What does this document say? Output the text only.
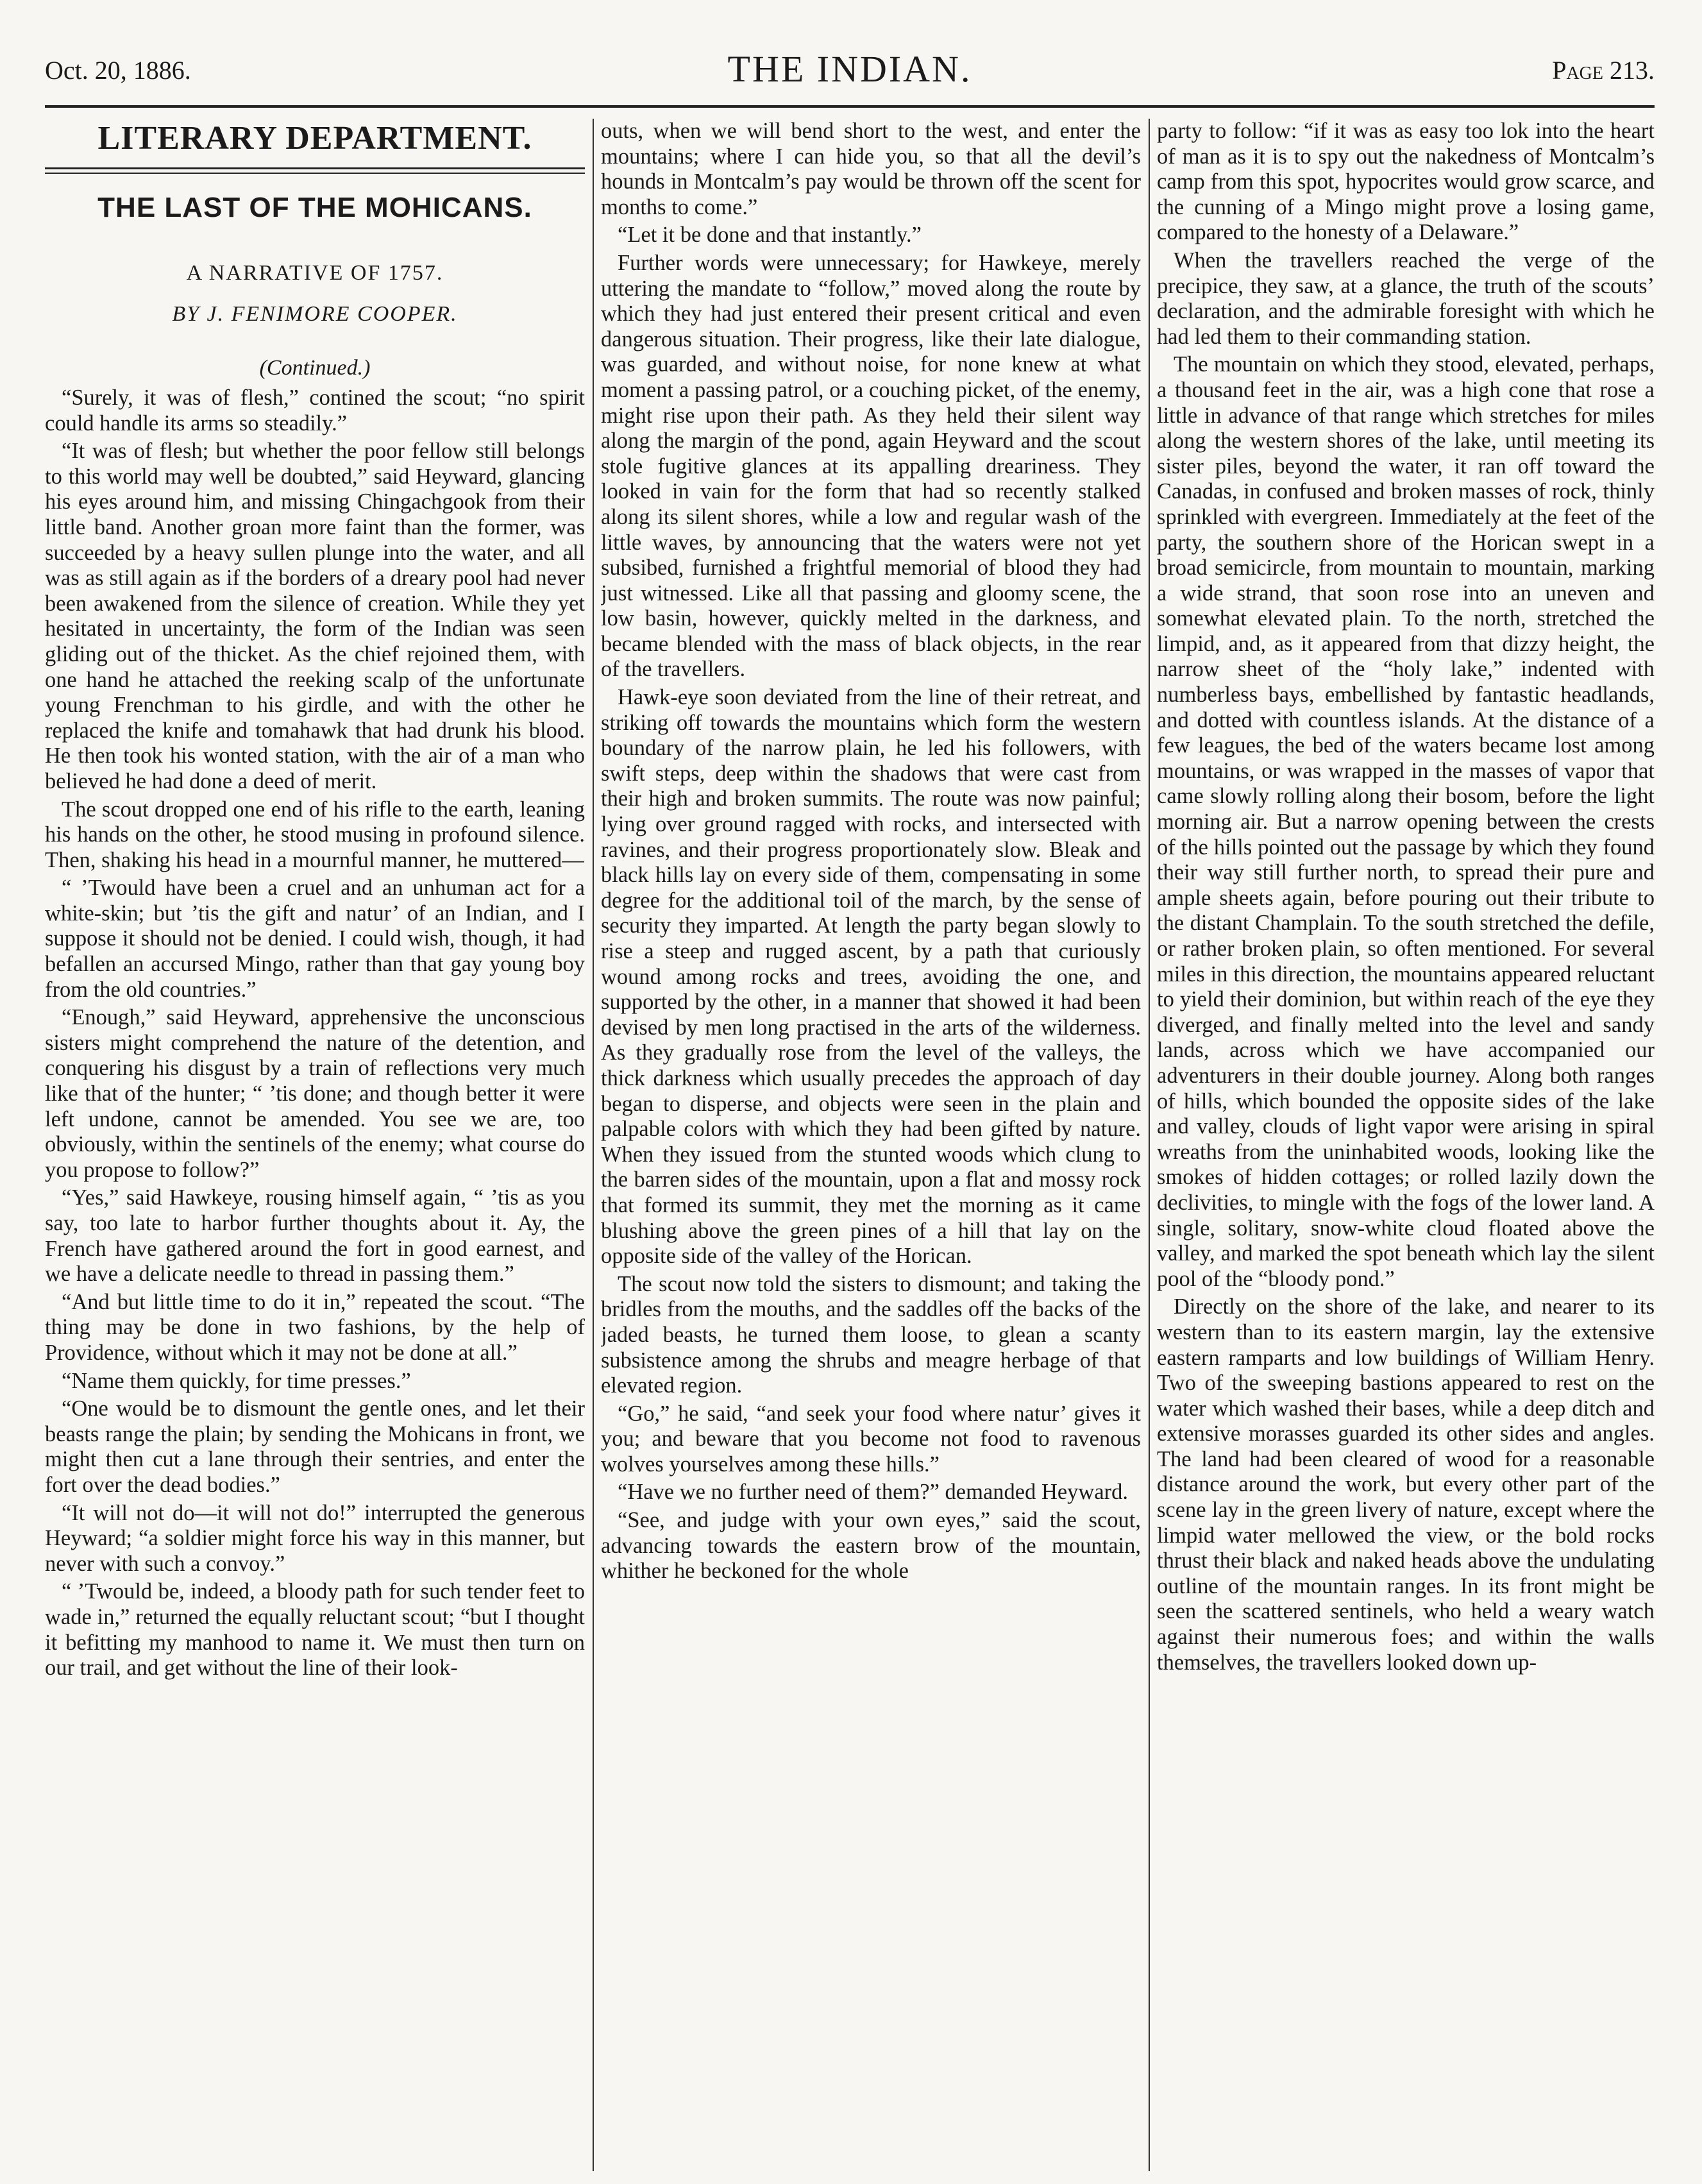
Oct. 20, 1886.	THE INDIAN.	Page 213.
LITERARY DEPARTMENT.
THE LAST OF THE MOHICANS.
A NARRATIVE OF 1757.
BY J. FENIMORE COOPER.
(Continued.)

“Surely, it was of flesh,” contined the scout; “no spirit could handle its arms so steadily.”

“It was of flesh; but whether the poor fellow still belongs to this world may well be doubted,” said Heyward, glancing his eyes around him, and missing Chingachgook from their little band. Another groan more faint than the former, was succeeded by a heavy sullen plunge into the water, and all was as still again as if the borders of a dreary pool had never been awakened from the silence of creation. While they yet hesitated in uncertainty, the form of the Indian was seen gliding out of the thicket. As the chief rejoined them, with one hand he attached the reeking scalp of the unfortunate young Frenchman to his girdle, and with the other he replaced the knife and tomahawk that had drunk his blood. He then took his wonted station, with the air of a man who believed he had done a deed of merit.

The scout dropped one end of his rifle to the earth, leaning his hands on the other, he stood musing in profound silence. Then, shaking his head in a mournful manner, he muttered—

“ ’Twould have been a cruel and an unhuman act for a white-skin; but ’tis the gift and natur’ of an Indian, and I suppose it should not be denied. I could wish, though, it had befallen an accursed Mingo, rather than that gay young boy from the old countries.”

“Enough,” said Heyward, apprehensive the unconscious sisters might comprehend the nature of the detention, and conquering his disgust by a train of reflections very much like that of the hunter; “ ’tis done; and though better it were left undone, cannot be amended. You see we are, too obviously, within the sentinels of the enemy; what course do you propose to follow?”

“Yes,” said Hawkeye, rousing himself again, “ ’tis as you say, too late to harbor further thoughts about it. Ay, the French have gathered around the fort in good earnest, and we have a delicate needle to thread in passing them.”

“And but little time to do it in,” repeated the scout. “The thing may be done in two fashions, by the help of Providence, without which it may not be done at all.”

“Name them quickly, for time presses.”

“One would be to dismount the gentle ones, and let their beasts range the plain; by sending the Mohicans in front, we might then cut a lane through their sentries, and enter the fort over the dead bodies.”

“It will not do—it will not do!” interrupted the generous Heyward; “a soldier might force his way in this manner, but never with such a convoy.”

“ ’Twould be, indeed, a bloody path for such tender feet to wade in,” returned the equally reluctant scout; “but I thought it befitting my manhood to name it. We must then turn on our trail, and get without the line of their look-

outs, when we will bend short to the west, and enter the mountains; where I can hide you, so that all the devil’s hounds in Montcalm’s pay would be thrown off the scent for months to come.”

“Let it be done and that instantly.”

Further words were unnecessary; for Hawkeye, merely uttering the mandate to “follow,” moved along the route by which they had just entered their present critical and even dangerous situation. Their progress, like their late dialogue, was guarded, and without noise, for none knew at what moment a passing patrol, or a couching picket, of the enemy, might rise upon their path. As they held their silent way along the margin of the pond, again Heyward and the scout stole fugitive glances at its appalling dreariness. They looked in vain for the form that had so recently stalked along its silent shores, while a low and regular wash of the little waves, by announcing that the waters were not yet subsibed, furnished a frightful memorial of blood they had just witnessed. Like all that passing and gloomy scene, the low basin, however, quickly melted in the darkness, and became blended with the mass of black objects, in the rear of the travellers.

Hawk-eye soon deviated from the line of their retreat, and striking off towards the mountains which form the western boundary of the narrow plain, he led his followers, with swift steps, deep within the shadows that were cast from their high and broken summits. The route was now painful; lying over ground ragged with rocks, and intersected with ravines, and their progress proportionately slow. Bleak and black hills lay on every side of them, compensating in some degree for the additional toil of the march, by the sense of security they imparted. At length the party began slowly to rise a steep and rugged ascent, by a path that curiously wound among rocks and trees, avoiding the one, and supported by the other, in a manner that showed it had been devised by men long practised in the arts of the wilderness. As they gradually rose from the level of the valleys, the thick darkness which usually precedes the approach of day began to disperse, and objects were seen in the plain and palpable colors with which they had been gifted by nature. When they issued from the stunted woods which clung to the barren sides of the mountain, upon a flat and mossy rock that formed its summit, they met the morning as it came blushing above the green pines of a hill that lay on the opposite side of the valley of the Horican.

The scout now told the sisters to dismount; and taking the bridles from the mouths, and the saddles off the backs of the jaded beasts, he turned them loose, to glean a scanty subsistence among the shrubs and meagre herbage of that elevated region.

“Go,” he said, “and seek your food where natur’ gives it you; and beware that you become not food to ravenous wolves yourselves among these hills.”

“Have we no further need of them?” demanded Heyward.

“See, and judge with your own eyes,” said the scout, advancing towards the eastern brow of the mountain, whither he beckoned for the whole

party to follow: “if it was as easy too lok into the heart of man as it is to spy out the nakedness of Montcalm’s camp from this spot, hypocrites would grow scarce, and the cunning of a Mingo might prove a losing game, compared to the honesty of a Delaware.”

When the travellers reached the verge of the precipice, they saw, at a glance, the truth of the scouts’ declaration, and the admirable foresight with which he had led them to their commanding station.

The mountain on which they stood, elevated, perhaps, a thousand feet in the air, was a high cone that rose a little in advance of that range which stretches for miles along the western shores of the lake, until meeting its sister piles, beyond the water, it ran off toward the Canadas, in confused and broken masses of rock, thinly sprinkled with evergreen. Immediately at the feet of the party, the southern shore of the Horican swept in a broad semicircle, from mountain to mountain, marking a wide strand, that soon rose into an uneven and somewhat elevated plain. To the north, stretched the limpid, and, as it appeared from that dizzy height, the narrow sheet of the “holy lake,” indented with numberless bays, embellished by fantastic headlands, and dotted with countless islands. At the distance of a few leagues, the bed of the waters became lost among mountains, or was wrapped in the masses of vapor that came slowly rolling along their bosom, before the light morning air. But a narrow opening between the crests of the hills pointed out the passage by which they found their way still further north, to spread their pure and ample sheets again, before pouring out their tribute to the distant Champlain. To the south stretched the defile, or rather broken plain, so often mentioned. For several miles in this direction, the mountains appeared reluctant to yield their dominion, but within reach of the eye they diverged, and finally melted into the level and sandy lands, across which we have accompanied our adventurers in their double journey. Along both ranges of hills, which bounded the opposite sides of the lake and valley, clouds of light vapor were arising in spiral wreaths from the uninhabited woods, looking like the smokes of hidden cottages; or rolled lazily down the declivities, to mingle with the fogs of the lower land. A single, solitary, snow-white cloud floated above the valley, and marked the spot beneath which lay the silent pool of the “bloody pond.”

Directly on the shore of the lake, and nearer to its western than to its eastern margin, lay the extensive eastern ramparts and low buildings of William Henry. Two of the sweeping bastions appeared to rest on the water which washed their bases, while a deep ditch and extensive morasses guarded its other sides and angles. The land had been cleared of wood for a reasonable distance around the work, but every other part of the scene lay in the green livery of nature, except where the limpid water mellowed the view, or the bold rocks thrust their black and naked heads above the undulating outline of the mountain ranges. In its front might be seen the scattered sentinels, who held a weary watch against their numerous foes; and within the walls themselves, the travellers looked down up-
